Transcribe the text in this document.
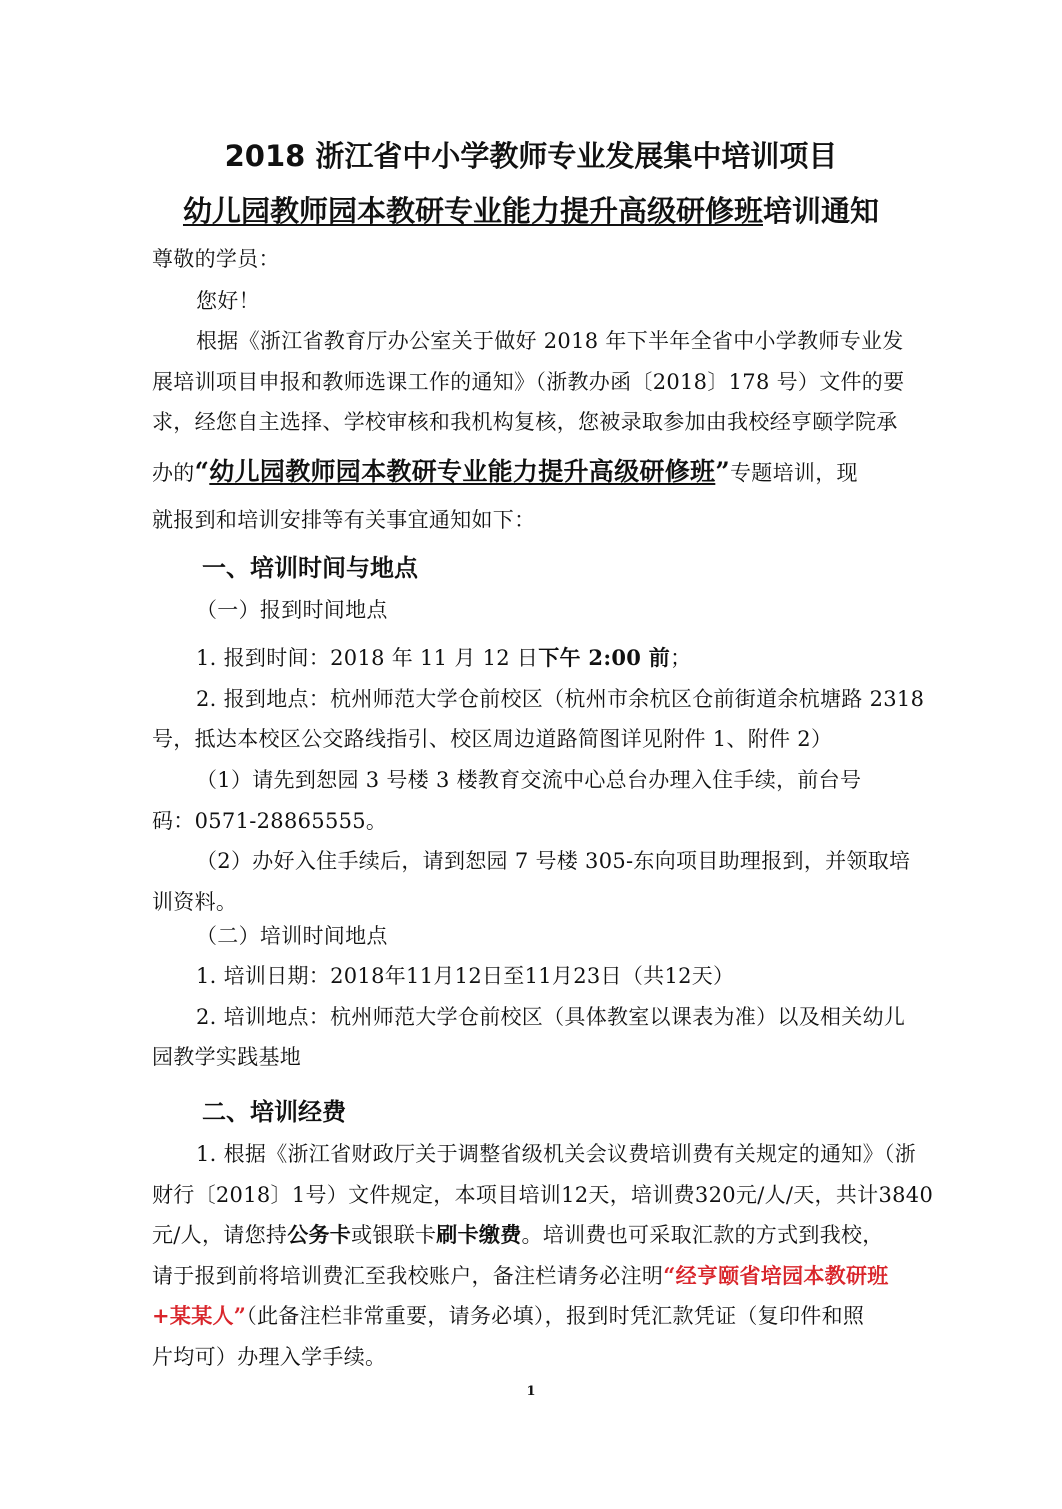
2018 浙江省中小学教师专业发展集中培训项目
幼儿园教师园本教研专业能力提升高级研修班培训通知
尊敬的学员：
您好！
根据《浙江省教育厅办公室关于做好 2018 年下半年全省中小学教师专业发
展培训项目申报和教师选课工作的通知》（浙教办函〔2018〕178 号）文件的要
求，经您自主选择、学校审核和我机构复核，您被录取参加由我校经亨颐学院承
办的“幼儿园教师园本教研专业能力提升高级研修班”专题培训，现
就报到和培训安排等有关事宜通知如下：
一、培训时间与地点
（一）报到时间地点
1. 报到时间：2018 年 11 月 12 日下午 2:00 前；
2. 报到地点：杭州师范大学仓前校区（杭州市余杭区仓前街道余杭塘路 2318
号，抵达本校区公交路线指引、校区周边道路简图详见附件 1、附件 2）
（1）请先到恕园 3 号楼 3 楼教育交流中心总台办理入住手续，前台号
码：0571-28865555。
（2）办好入住手续后，请到恕园 7 号楼 305-东向项目助理报到，并领取培
训资料。
（二）培训时间地点
1. 培训日期：2018年11月12日至11月23日（共12天）
2. 培训地点：杭州师范大学仓前校区（具体教室以课表为准）以及相关幼儿
园教学实践基地
二、培训经费
1. 根据《浙江省财政厅关于调整省级机关会议费培训费有关规定的通知》（浙
财行〔2018〕1号）文件规定，本项目培训12天，培训费320元/人/天，共计3840
元/人，请您持公务卡或银联卡刷卡缴费。培训费也可采取汇款的方式到我校，
请于报到前将培训费汇至我校账户，备注栏请务必注明“经亨颐省培园本教研班
+某某人”（此备注栏非常重要，请务必填），报到时凭汇款凭证（复印件和照
片均可）办理入学手续。
1
